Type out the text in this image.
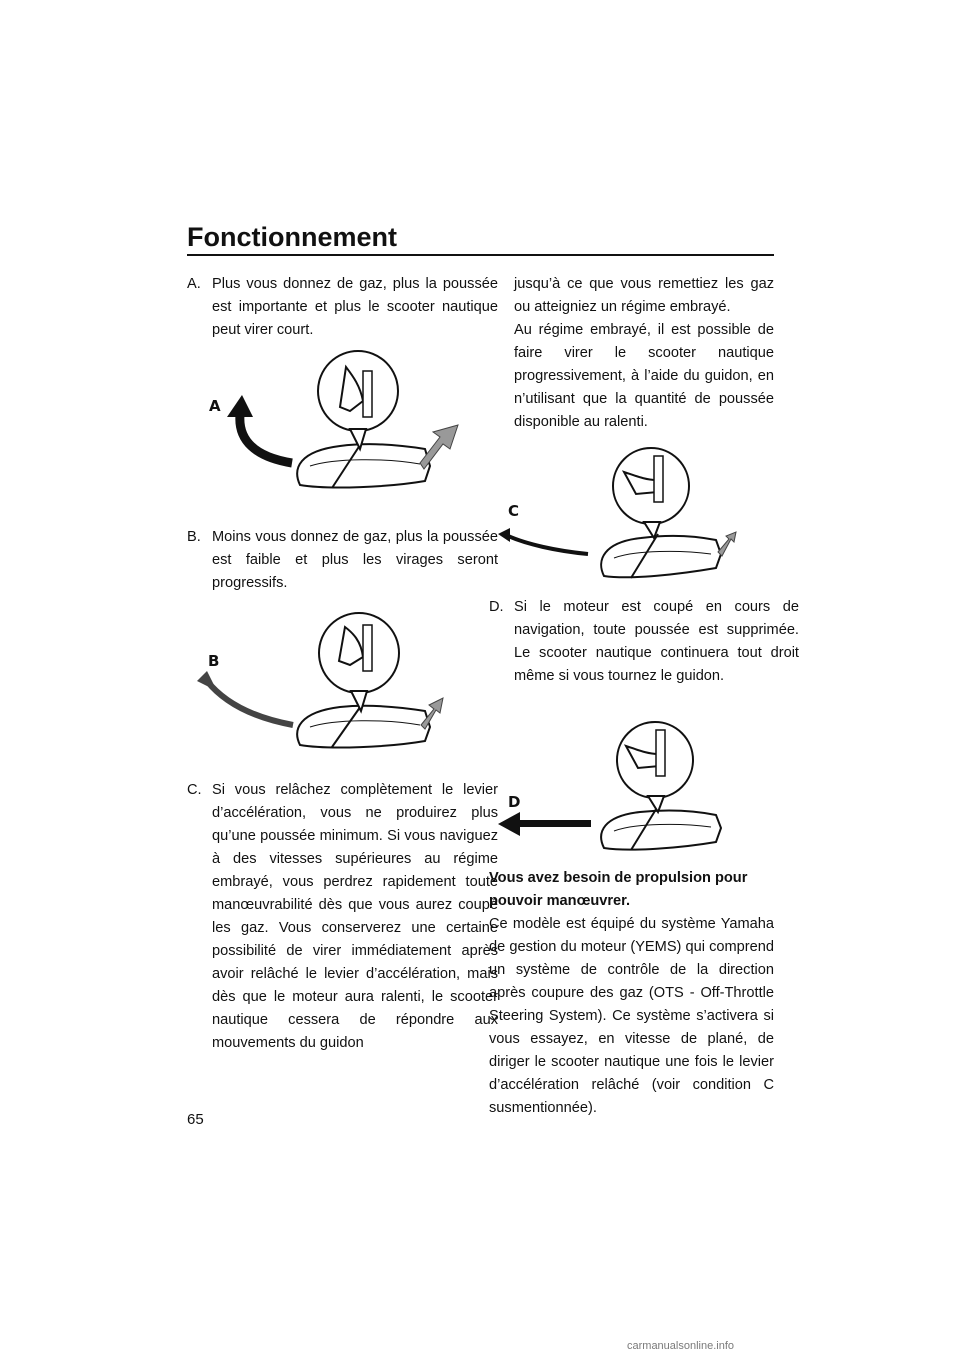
Fonctionnement

A. Plus vous donnez de gaz, plus la poussée est importante et plus le scooter nautique peut virer court.

A

B. Moins vous donnez de gaz, plus la poussée est faible et plus les virages seront progressifs.

B

C. Si vous relâchez complètement le levier d’accélération, vous ne produirez plus qu’une poussée minimum. Si vous naviguez à des vitesses supérieures au régime embrayé, vous perdrez rapidement toute manœuvrabilité dès que vous aurez coupé les gaz. Vous conserverez une certaine possibilité de virer immédiatement après avoir relâché le levier d’accélération, mais dès que le moteur aura ralenti, le scooter nautique cessera de répondre aux mouvements du guidon

jusqu’à ce que vous remettiez les gaz ou atteigniez un régime embrayé.

Au régime embrayé, il est possible de faire virer le scooter nautique progressivement, à l’aide du guidon, en n’utilisant que la quantité de poussée disponible au ralenti.

C

D. Si le moteur est coupé en cours de navigation, toute poussée est supprimée. Le scooter nautique continuera tout droit même si vous tournez le guidon.

D

Vous avez besoin de propulsion pour pouvoir manœuvrer.

Ce modèle est équipé du système Yamaha de gestion du moteur (YEMS) qui comprend un système de contrôle de la direction après coupure des gaz (OTS - Off-Throttle Steering System). Ce système s’activera si vous essayez, en vitesse de plané, de diriger le scooter nautique une fois le levier d’accélération relâché (voir condition C susmentionnée).

65
carmanualsonline.info
